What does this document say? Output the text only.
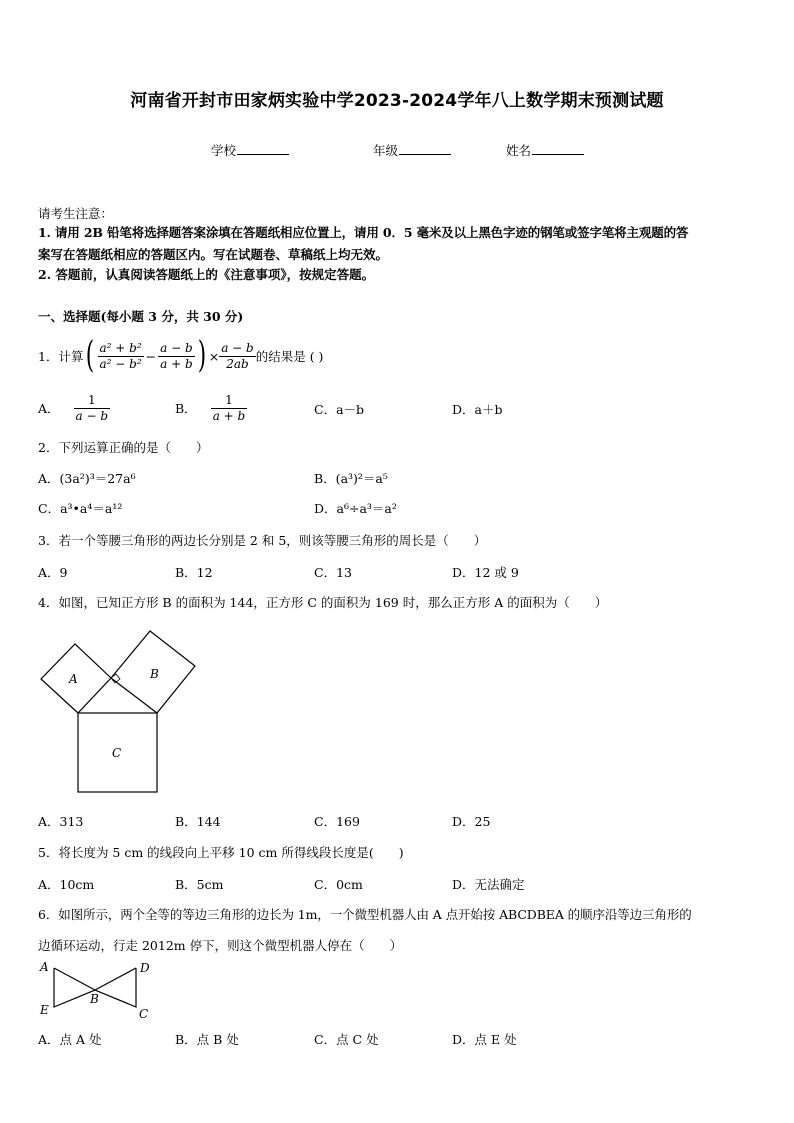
河南省开封市田家炳实验中学2023-2024学年八上数学期末预测试题
学校	年级	姓名
请考生注意：
1. 请用 2B 铅笔将选择题答案涂填在答题纸相应位置上，请用 0．5 毫米及以上黑色字迹的钢笔或签字笔将主观题的答
案写在答题纸相应的答题区内。写在试题卷、草稿纸上均无效。
2. 答题前，认真阅读答题纸上的《注意事项》，按规定答题。
一、选择题(每小题 3 分，共 30 分)
1．计算 ( $\frac{\text{a² + b²}}{\text{a² − b²}} - \frac{a - b}{a + b}$ ) × $\frac{a - b}{2ab}$ 的结果是 ( )
A． $\frac{1}{a - b}$	B． $\frac{1}{a + b}$	C．a－b	D．a＋b
2．下列运算正确的是（　　）
A．(3a²)³＝27a⁶	B．(a³)²＝a⁵
C．a³•a⁴＝a¹²	D．a⁶÷a³＝a²
3．若一个等腰三角形的两边长分别是 2 和 5，则该等腰三角形的周长是（　　）
A．9	B．12	C．13	D．12 或 9
4．如图，已知正方形 B 的面积为 144，正方形 C 的面积为 169 时，那么正方形 A 的面积为（　　）
A	B
C
A．313	B．144	C．169	D．25
5．将长度为 5 cm 的线段向上平移 10 cm 所得线段长度是(　　)
A．10cm	B．5cm	C．0cm	D．无法确定
6．如图所示，两个全等的等边三角形的边长为 1m，一个微型机器人由 A 点开始按 ABCDBEA 的顺序沿等边三角形的
边循环运动，行走 2012m 停下，则这个微型机器人停在（　　）
A	D
B
E	C
A．点 A 处	B．点 B 处	C．点 C 处	D．点 E 处
